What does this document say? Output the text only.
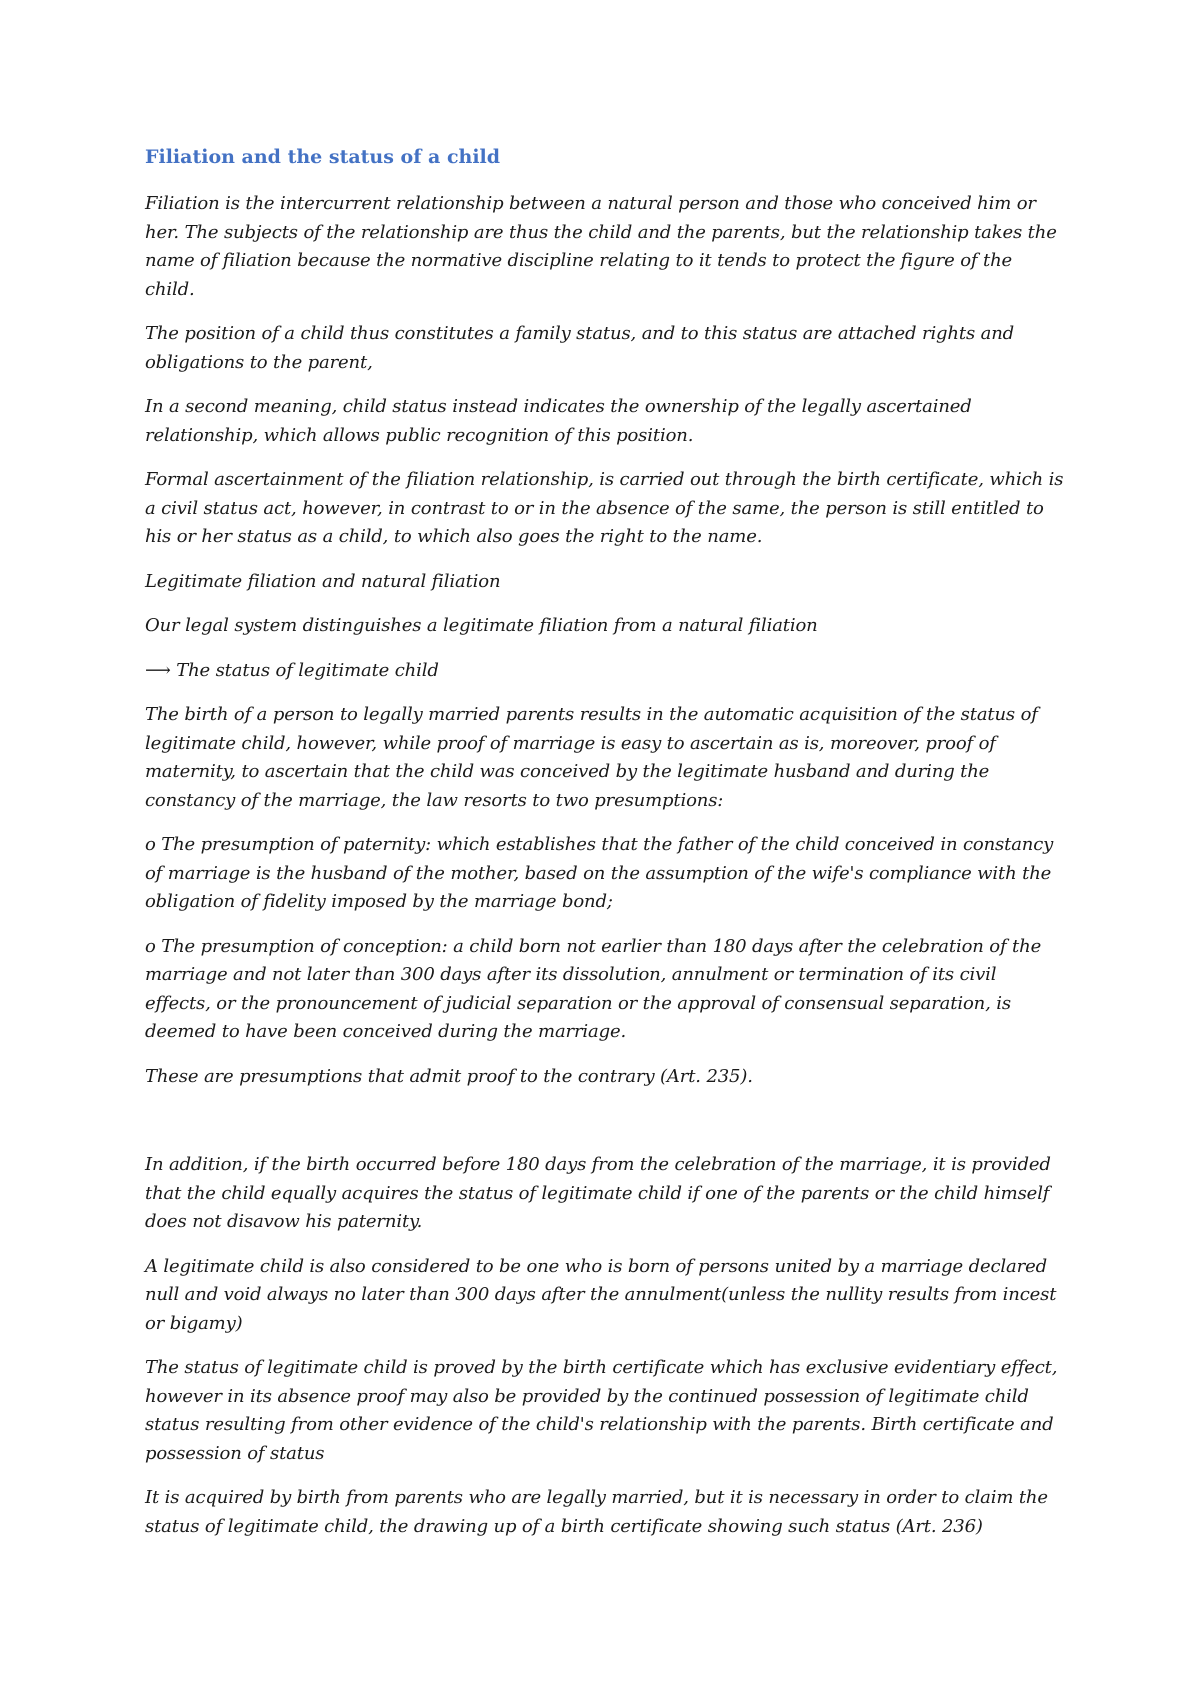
Filiation and the status of a child

Filiation is the intercurrent relationship between a natural person and those who conceived him or her. The subjects of the relationship are thus the child and the parents, but the relationship takes the name of filiation because the normative discipline relating to it tends to protect the figure of the child.

The position of a child thus constitutes a family status, and to this status are attached rights and obligations to the parent,

In a second meaning, child status instead indicates the ownership of the legally ascertained relationship, which allows public recognition of this position.

Formal ascertainment of the filiation relationship, is carried out through the birth certificate, which is a civil status act, however, in contrast to or in the absence of the same, the person is still entitled to his or her status as a child, to which also goes the right to the name.

Legitimate filiation and natural filiation

Our legal system distinguishes a legitimate filiation from a natural filiation

⟶ The status of legitimate child

The birth of a person to legally married parents results in the automatic acquisition of the status of legitimate child, however, while proof of marriage is easy to ascertain as is, moreover, proof of maternity, to ascertain that the child was conceived by the legitimate husband and during the constancy of the marriage, the law resorts to two presumptions:

o The presumption of paternity: which establishes that the father of the child conceived in constancy of marriage is the husband of the mother, based on the assumption of the wife's compliance with the obligation of fidelity imposed by the marriage bond;

o The presumption of conception: a child born not earlier than 180 days after the celebration of the marriage and not later than 300 days after its dissolution, annulment or termination of its civil effects, or the pronouncement of judicial separation or the approval of consensual separation, is deemed to have been conceived during the marriage.

These are presumptions that admit proof to the contrary (Art. 235).

In addition, if the birth occurred before 180 days from the celebration of the marriage, it is provided that the child equally acquires the status of legitimate child if one of the parents or the child himself does not disavow his paternity.

A legitimate child is also considered to be one who is born of persons united by a marriage declared null and void always no later than 300 days after the annulment(unless the nullity results from incest or bigamy)

The status of legitimate child is proved by the birth certificate which has exclusive evidentiary effect, however in its absence proof may also be provided by the continued possession of legitimate child status resulting from other evidence of the child's relationship with the parents. Birth certificate and possession of status

It is acquired by birth from parents who are legally married, but it is necessary in order to claim the status of legitimate child, the drawing up of a birth certificate showing such status (Art. 236)
